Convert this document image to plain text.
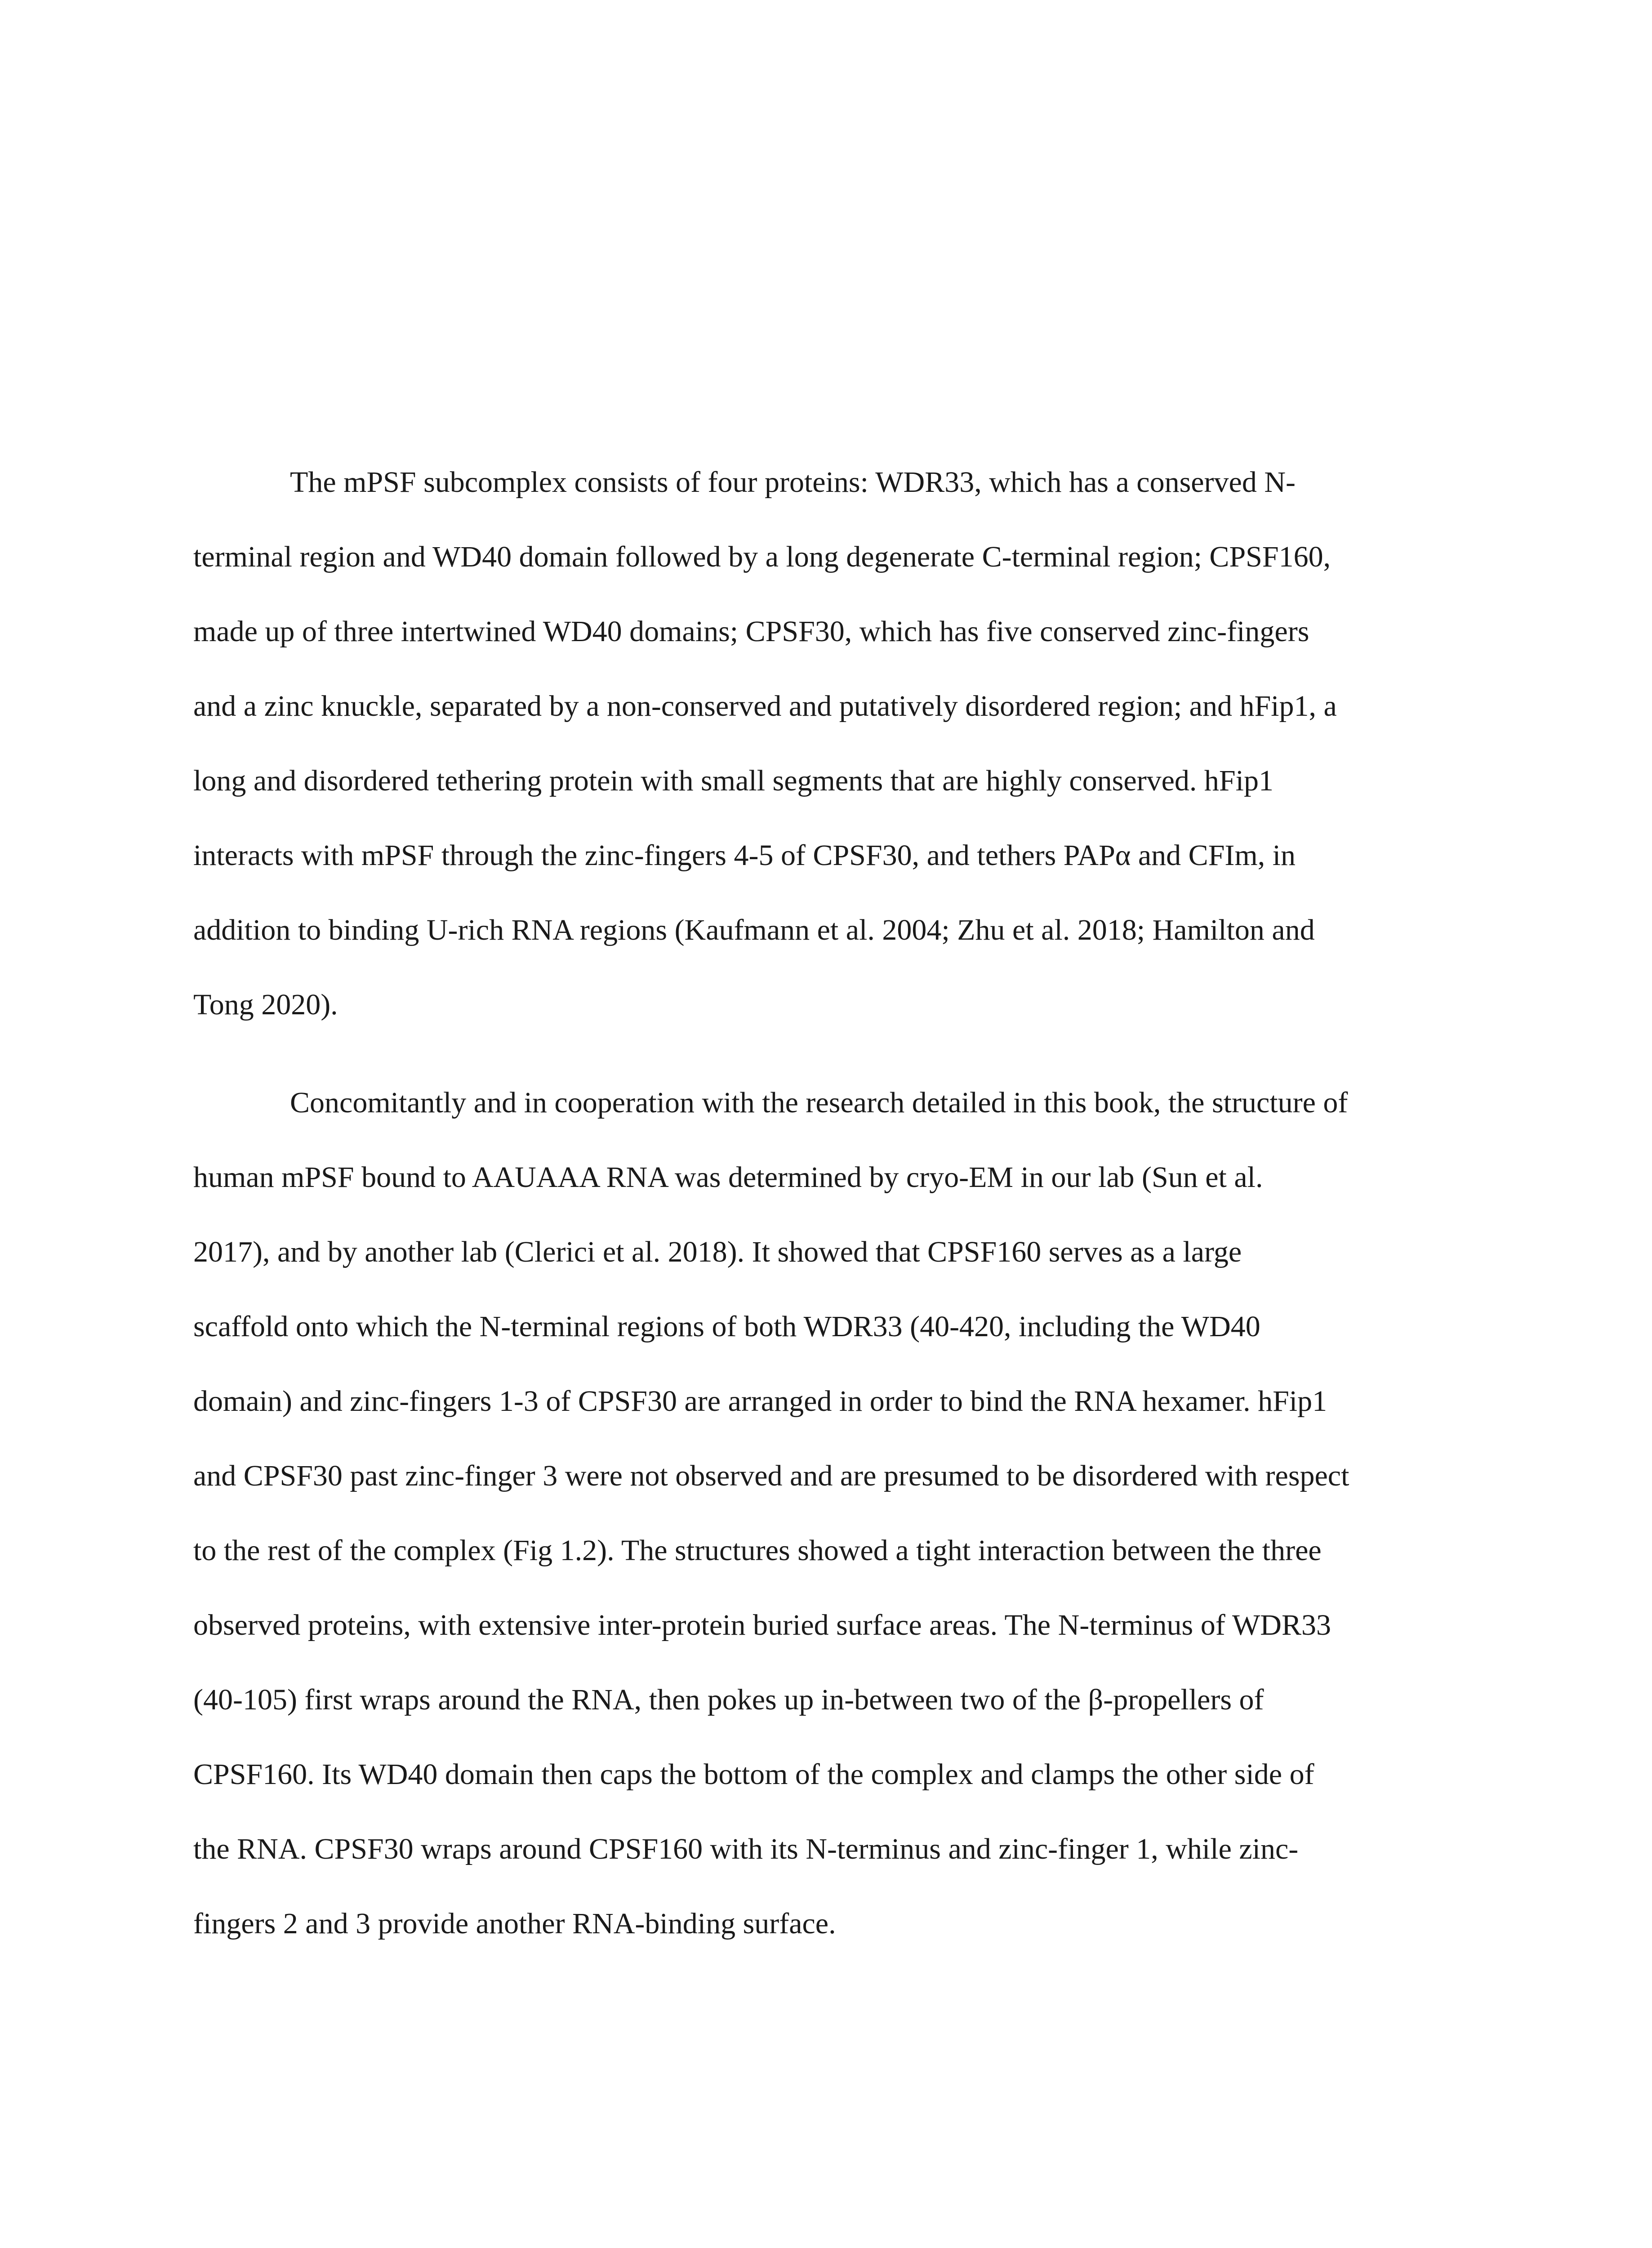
The mPSF subcomplex consists of four proteins: WDR33, which has a conserved N-
terminal region and WD40 domain followed by a long degenerate C-terminal region; CPSF160,
made up of three intertwined WD40 domains; CPSF30, which has five conserved zinc-fingers
and a zinc knuckle, separated by a non-conserved and putatively disordered region; and hFip1, a
long and disordered tethering protein with small segments that are highly conserved. hFip1
interacts with mPSF through the zinc-fingers 4-5 of CPSF30, and tethers PAPα and CFIm, in
addition to binding U-rich RNA regions (Kaufmann et al. 2004; Zhu et al. 2018; Hamilton and
Tong 2020).
Concomitantly and in cooperation with the research detailed in this book, the structure of
human mPSF bound to AAUAAA RNA was determined by cryo-EM in our lab (Sun et al.
2017), and by another lab (Clerici et al. 2018). It showed that CPSF160 serves as a large
scaffold onto which the N-terminal regions of both WDR33 (40-420, including the WD40
domain) and zinc-fingers 1-3 of CPSF30 are arranged in order to bind the RNA hexamer. hFip1
and CPSF30 past zinc-finger 3 were not observed and are presumed to be disordered with respect
to the rest of the complex (Fig 1.2). The structures showed a tight interaction between the three
observed proteins, with extensive inter-protein buried surface areas. The N-terminus of WDR33
(40-105) first wraps around the RNA, then pokes up in-between two of the β-propellers of
CPSF160. Its WD40 domain then caps the bottom of the complex and clamps the other side of
the RNA. CPSF30 wraps around CPSF160 with its N-terminus and zinc-finger 1, while zinc-
fingers 2 and 3 provide another RNA-binding surface.
